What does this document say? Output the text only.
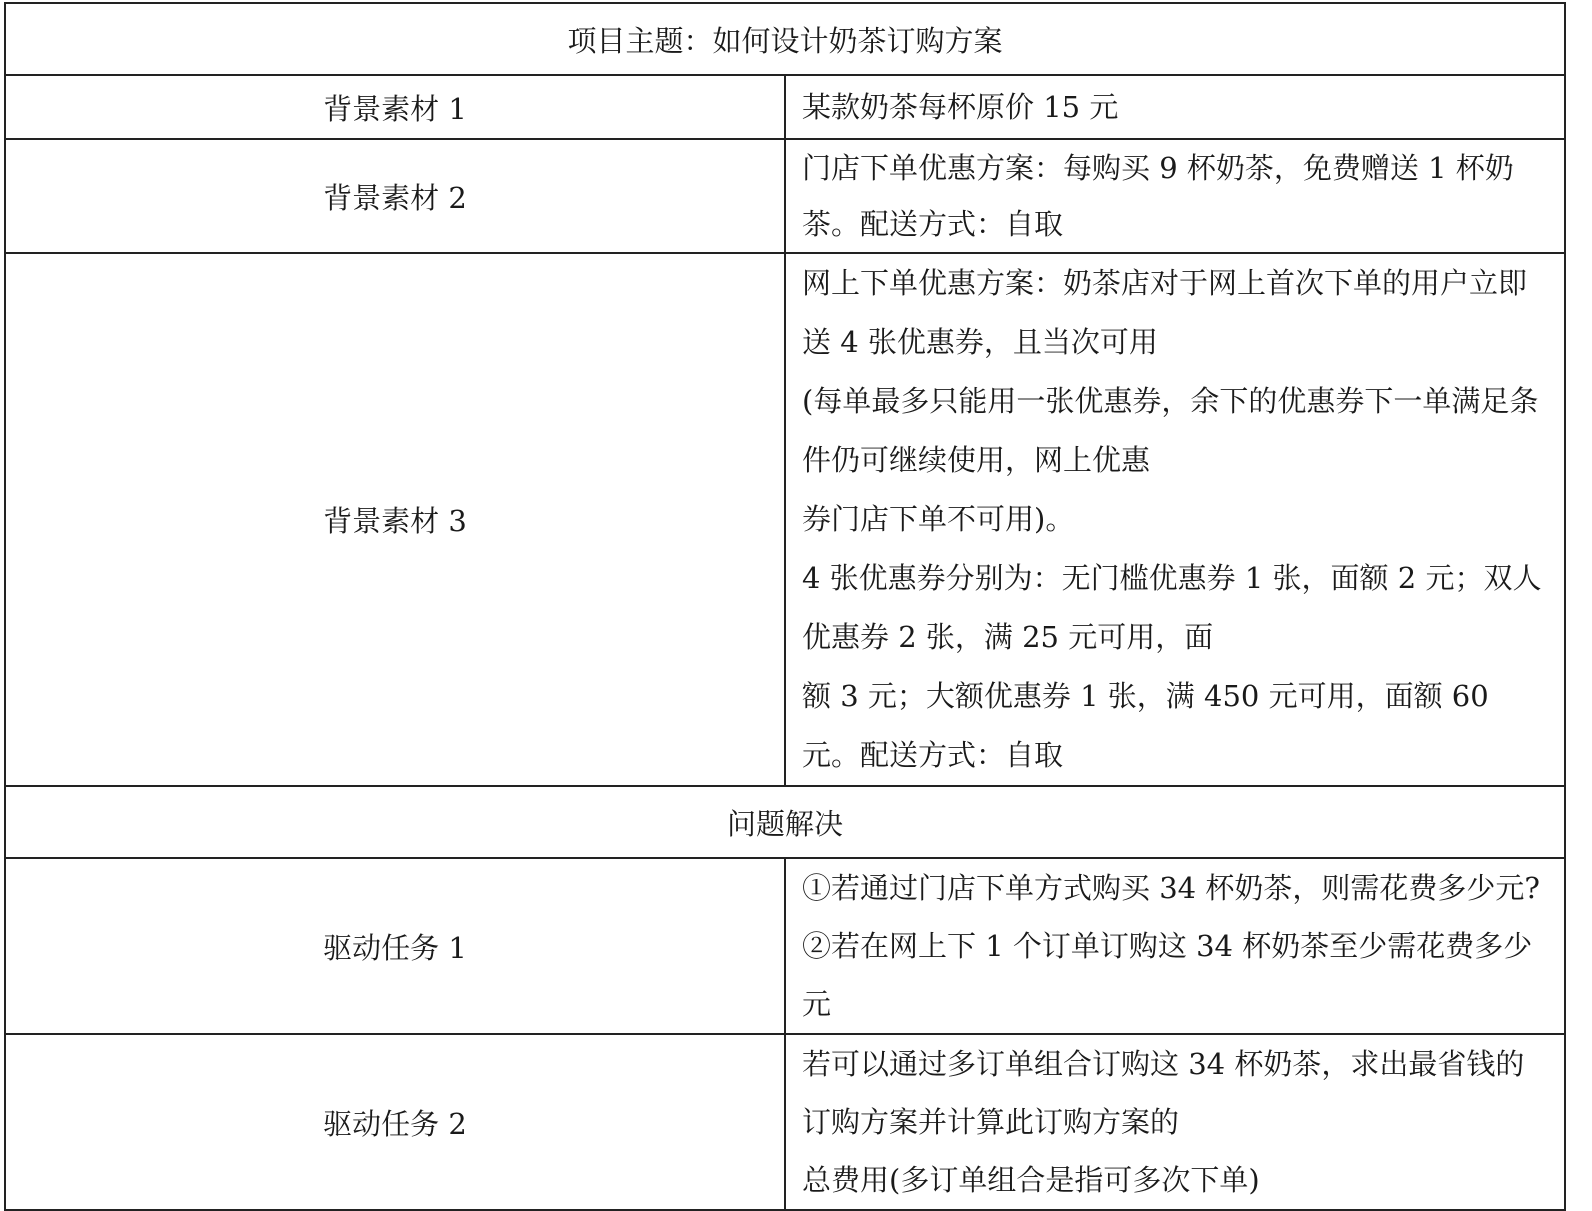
项目主题：如何设计奶茶订购方案	
背景素材 1	某款奶茶每杯原价 15 元

背景素材 2	门店下单优惠方案：每购买 9 杯奶茶，免费赠送 1 杯奶茶。配送方式：自取

背景素材 3	网上下单优惠方案：奶茶店对于网上首次下单的用户立即送 4 张优惠券，且当次可用
(每单最多只能用一张优惠券，余下的优惠券下一单满足条件仍可继续使用，网上优惠
券门店下单不可用)。
4 张优惠券分别为：无门槛优惠券 1 张，面额 2 元；双人优惠券 2 张，满 25 元可用，面
额 3 元；大额优惠券 1 张，满 450 元可用，面额 60 元。配送方式：自取

问题解决	
驱动任务 1	①若通过门店下单方式购买 34 杯奶茶，则需花费多少元?
②若在网上下 1 个订单订购这 34 杯奶茶至少需花费多少元

驱动任务 2	若可以通过多订单组合订购这 34 杯奶茶，求出最省钱的订购方案并计算此订购方案的
总费用(多订单组合是指可多次下单)
